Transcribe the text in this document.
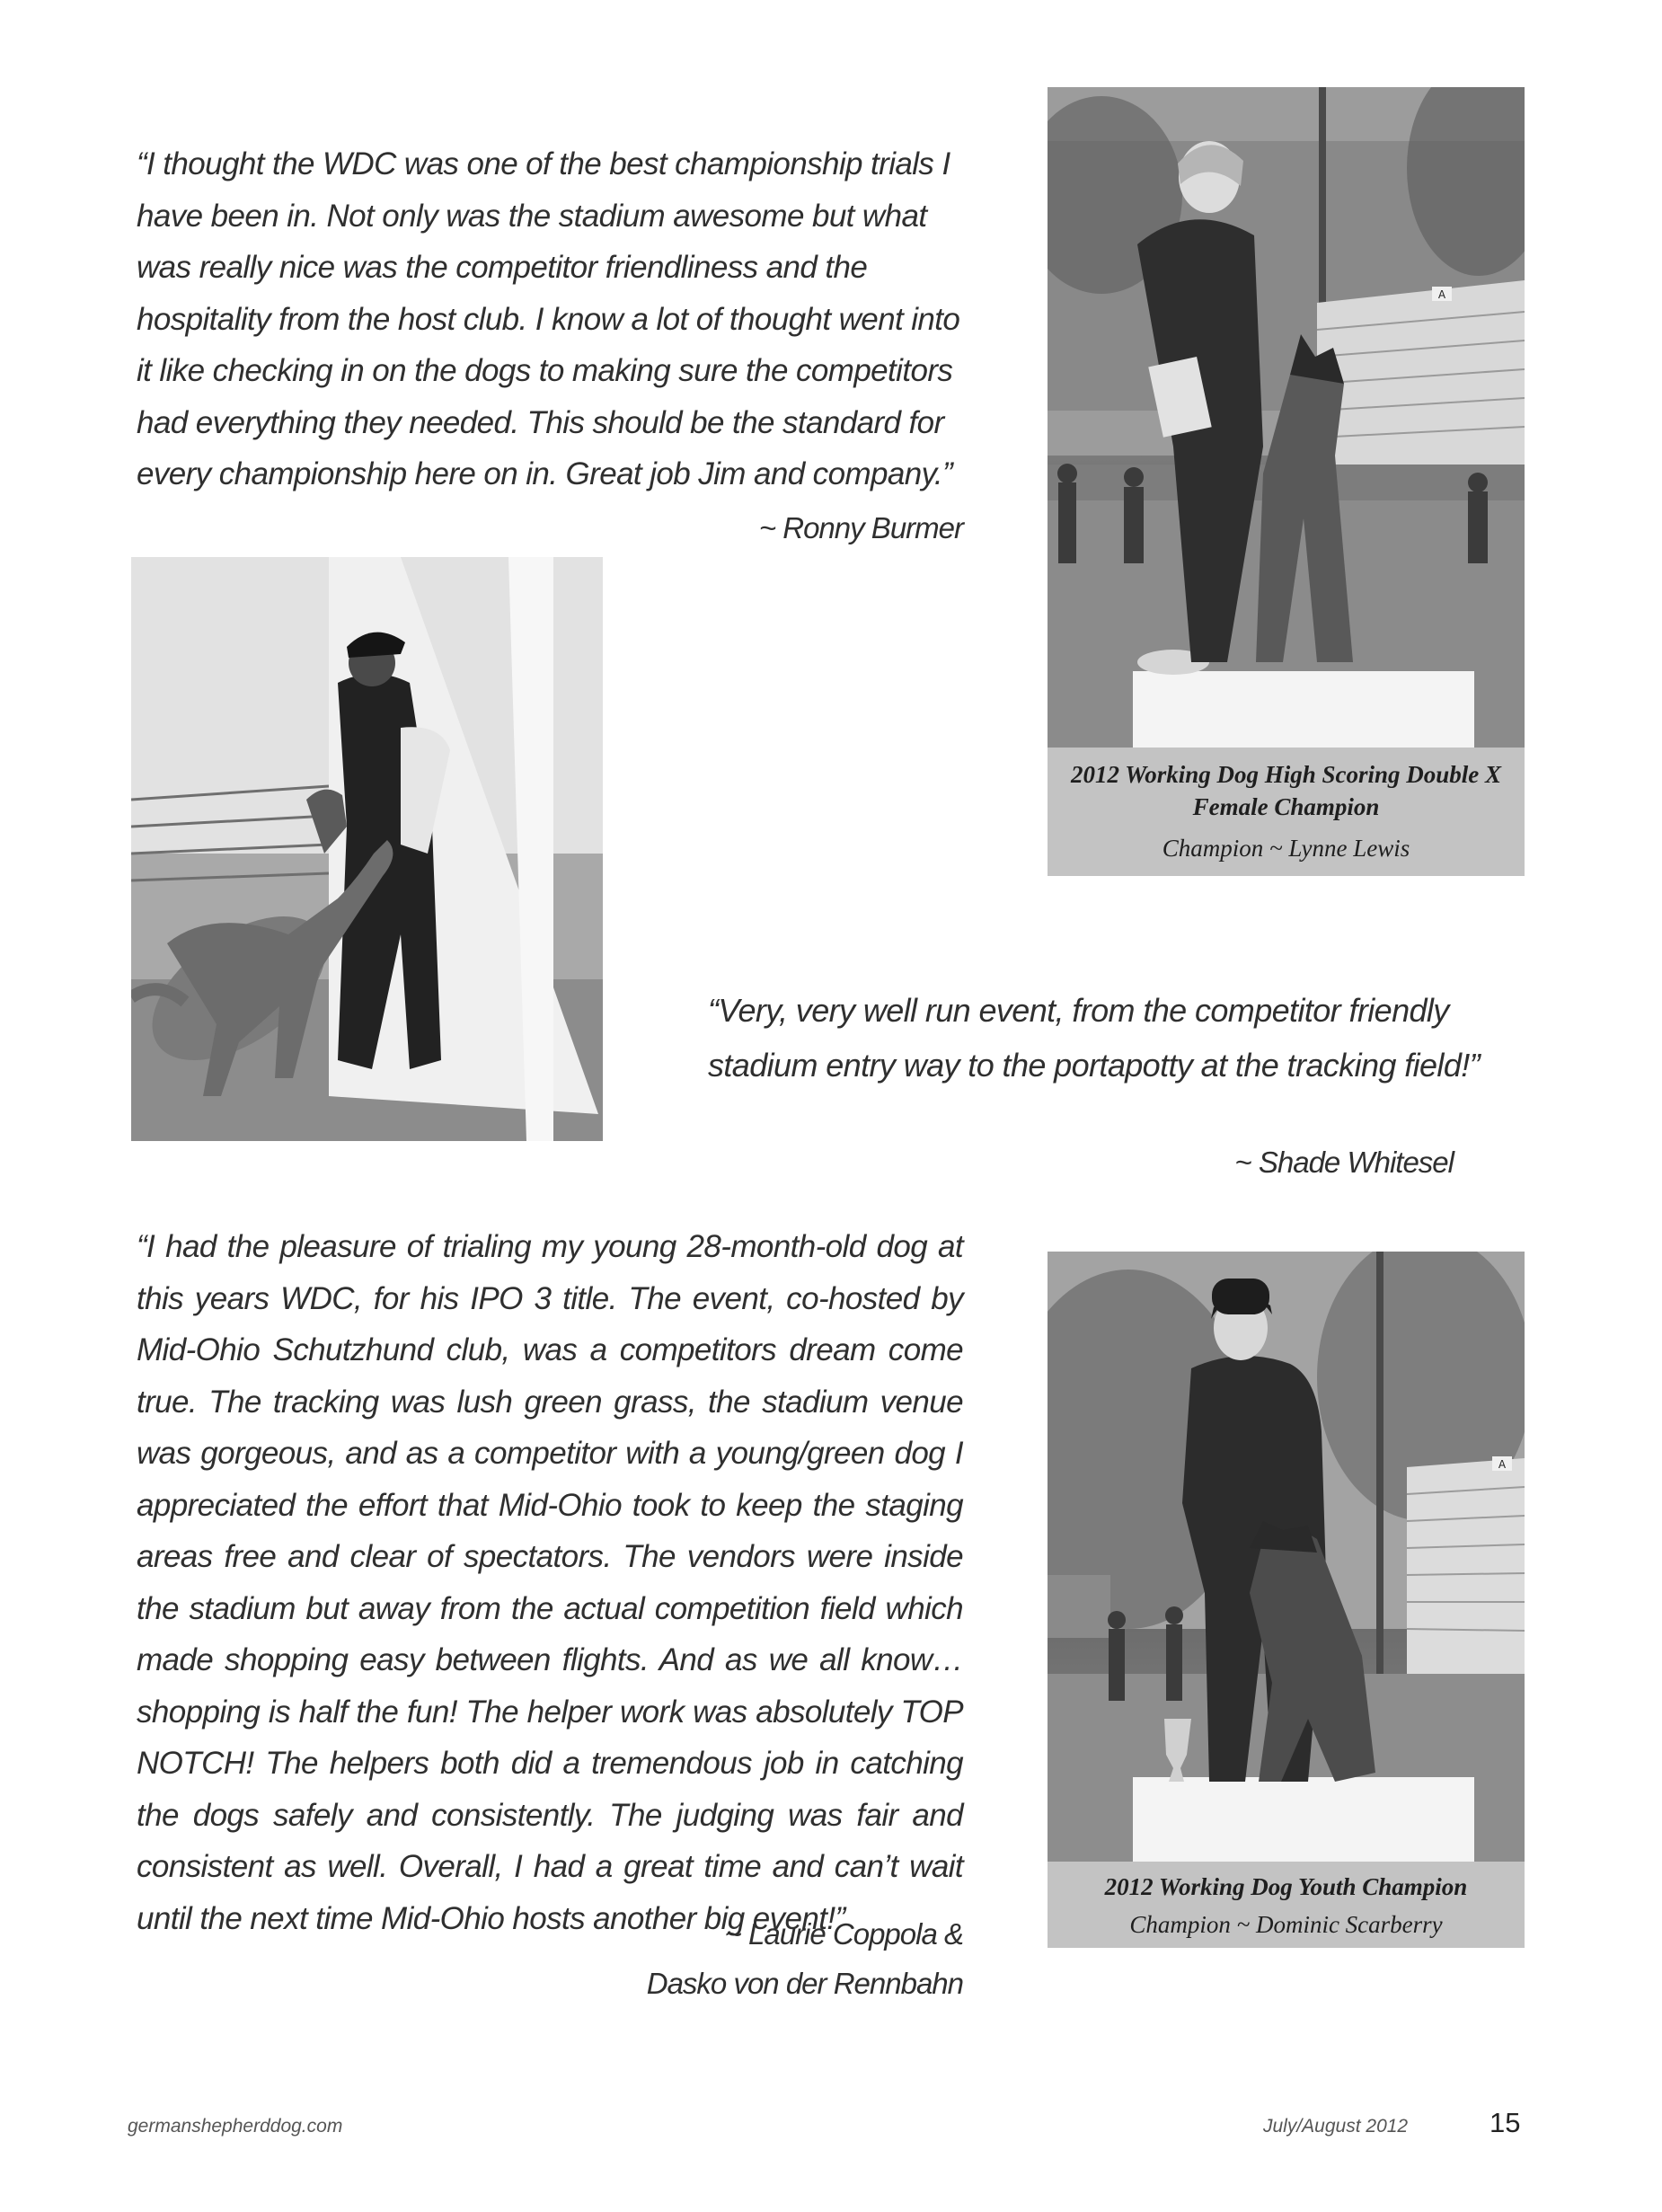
“I thought the WDC was one of the best championship trials I have been in. Not only was the stadium awesome but what was really nice was the competitor friendliness and the hospitality from the host club. I know a lot of thought went into it like checking in on the dogs to making sure the competitors had everything they needed. This should be the standard for every championship here on in. Great job Jim and company.”

~ Ronny Burmer

A
2012 Working Dog High Scoring Double X Female Champion
Champion ~ Lynne Lewis

“Very, very well run event, from the competitor friendly stadium entry way to the portapotty at the tracking field!”

~ Shade Whitesel

“I had the pleasure of trialing my young 28-month-old dog at this years WDC, for his IPO 3 title. The event, co-hosted by Mid-Ohio Schutzhund club, was a competitors dream come true. The tracking was lush green grass, the stadium venue was gorgeous, and as a competitor with a young/green dog I appreciated the effort that Mid-Ohio took to keep the staging areas free and clear of spectators. The vendors were inside the stadium but away from the actual competition field which made shopping easy between flights. And as we all know… shopping is half the fun! The helper work was absolutely TOP NOTCH! The helpers both did a tremendous job in catching the dogs safely and consistently. The judging was fair and consistent as well. Overall, I had a great time and can’t wait until the next time Mid-Ohio hosts another big event!”

~ Laurie Coppola &

Dasko von der Rennbahn

A
2012 Working Dog Youth Champion
Champion ~ Dominic Scarberry
germanshepherddog.com	July/August 2012	15
